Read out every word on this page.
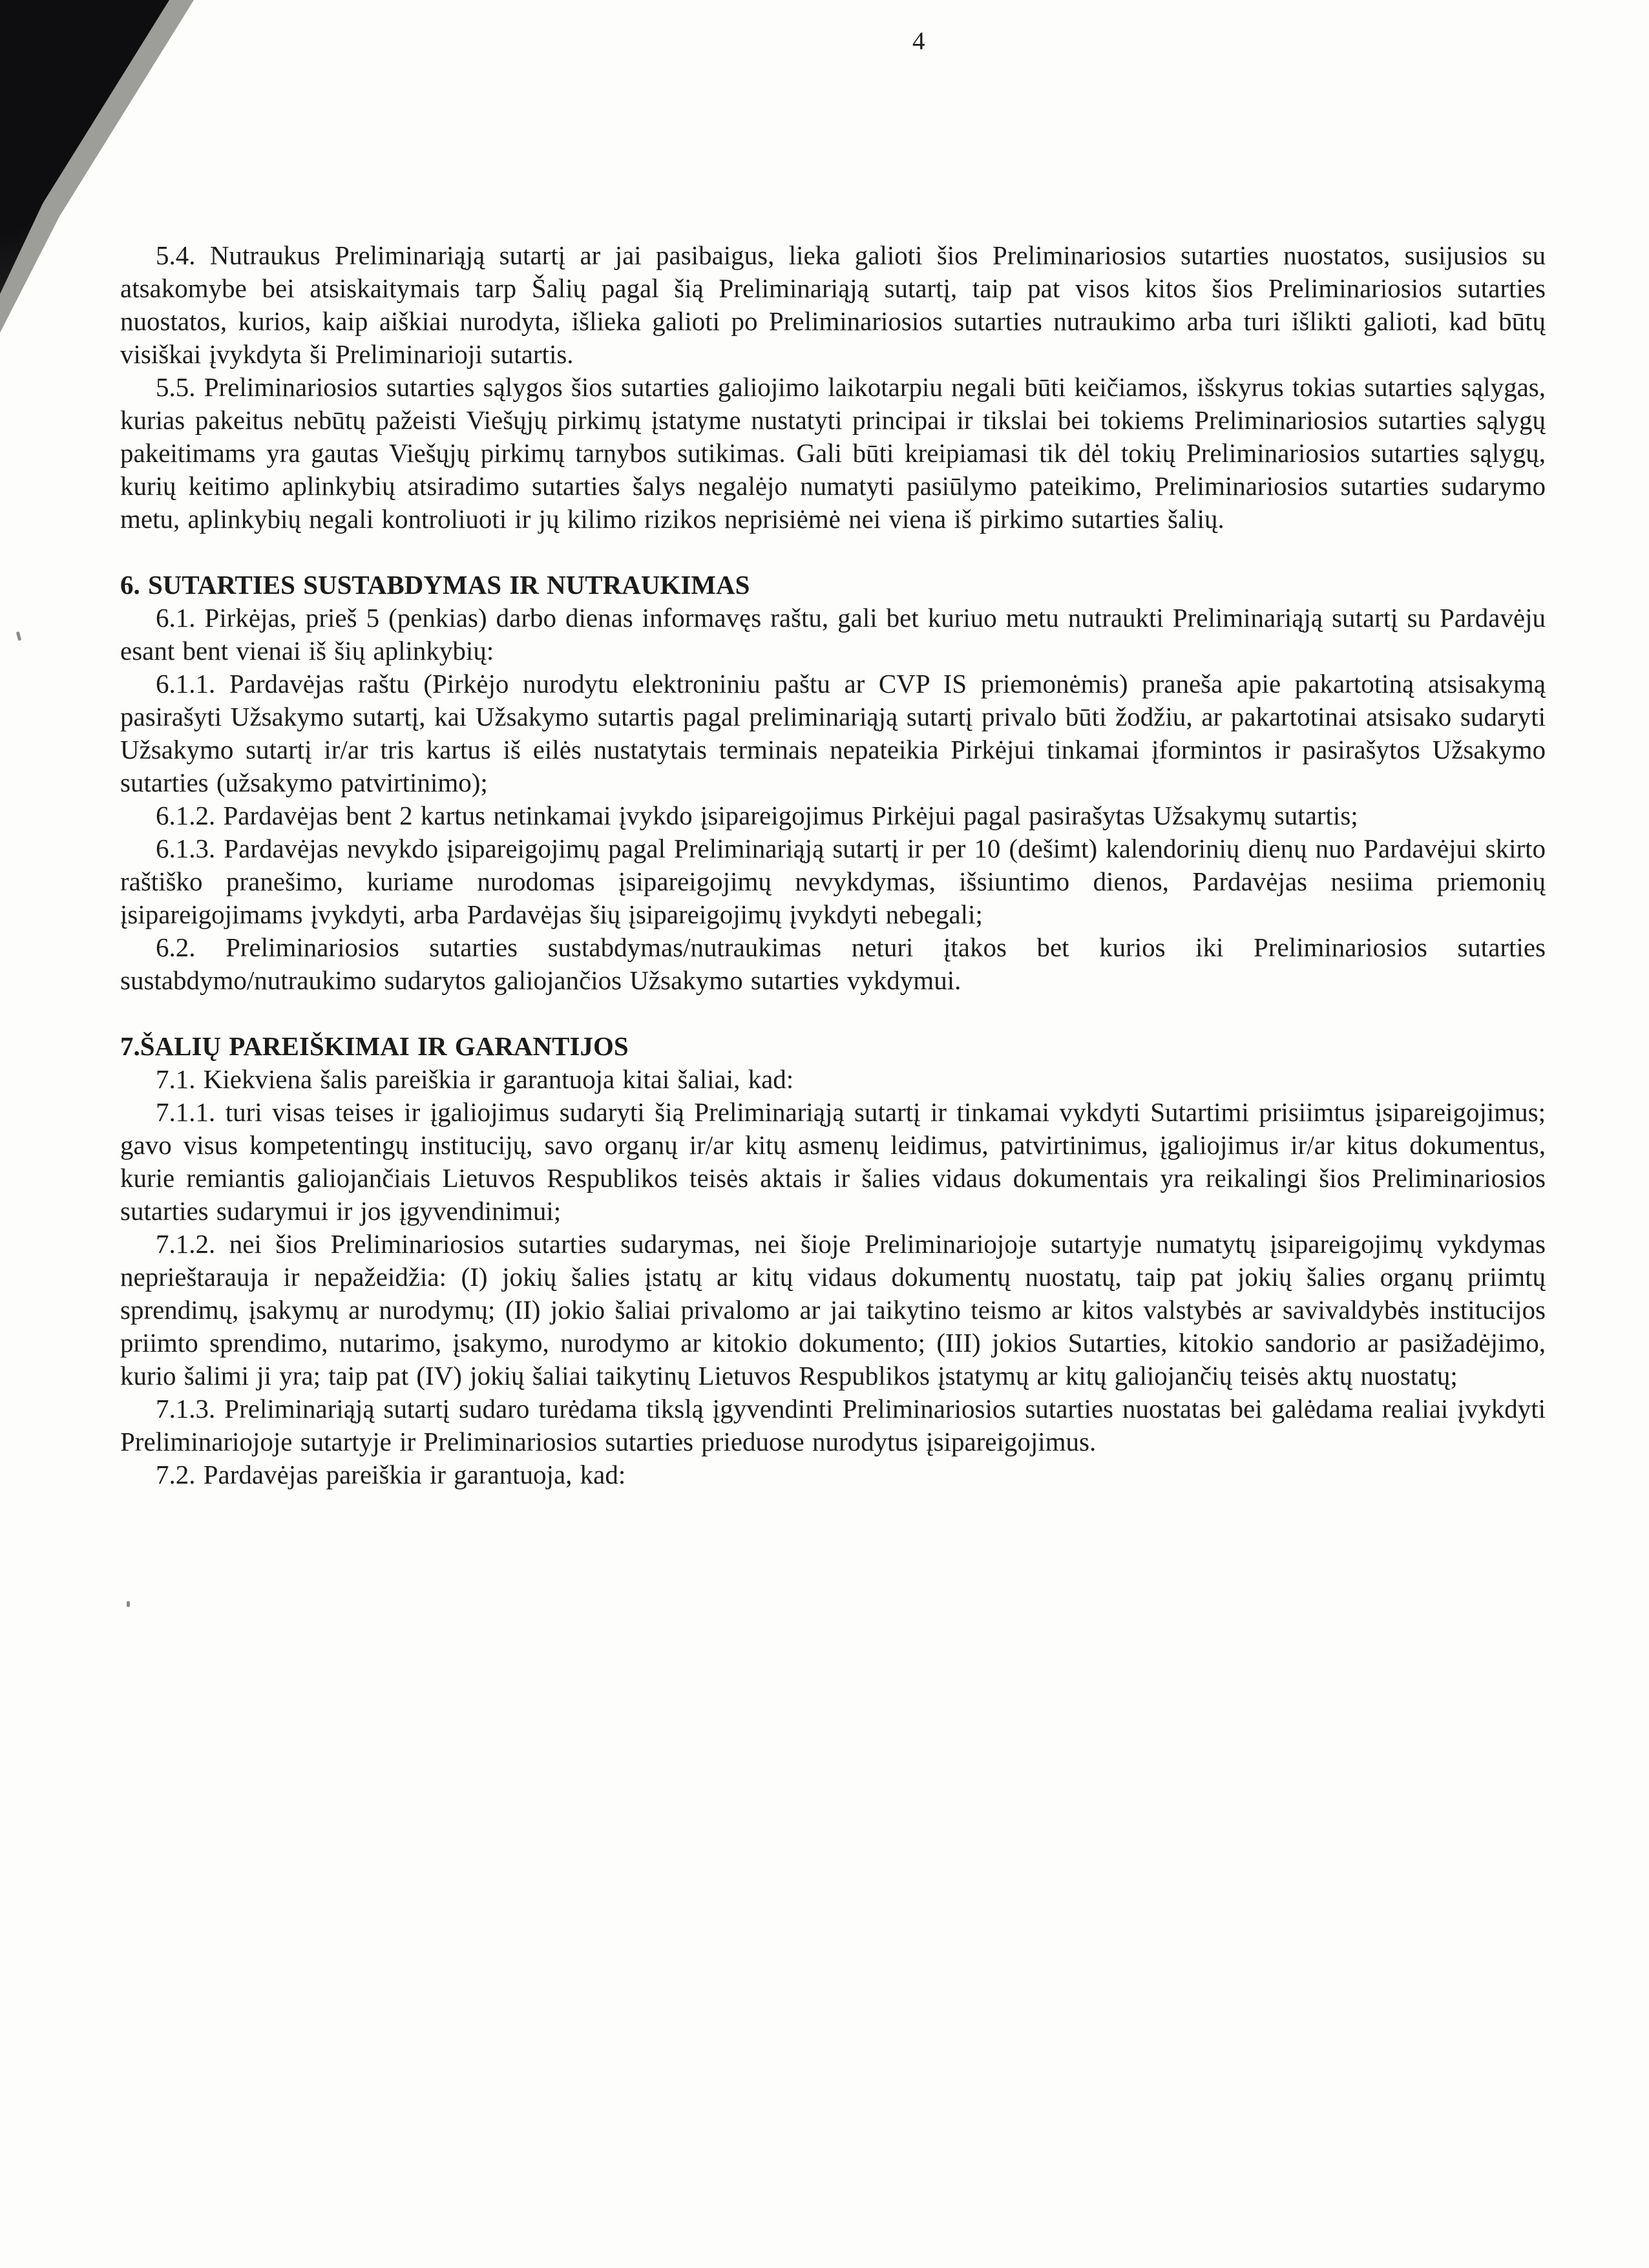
4

5.4. Nutraukus Preliminariąją sutartį ar jai pasibaigus, lieka galioti šios Preliminariosios sutarties nuostatos, susijusios su atsakomybe bei atsiskaitymais tarp Šalių pagal šią Preliminariąją sutartį, taip pat visos kitos šios Preliminariosios sutarties nuostatos, kurios, kaip aiškiai nurodyta, išlieka galioti po Preliminariosios sutarties nutraukimo arba turi išlikti galioti, kad būtų visiškai įvykdyta ši Preliminarioji sutartis.

5.5. Preliminariosios sutarties sąlygos šios sutarties galiojimo laikotarpiu negali būti keičiamos, išskyrus tokias sutarties sąlygas, kurias pakeitus nebūtų pažeisti Viešųjų pirkimų įstatyme nustatyti principai ir tikslai bei tokiems Preliminariosios sutarties sąlygų pakeitimams yra gautas Viešųjų pirkimų tarnybos sutikimas. Gali būti kreipiamasi tik dėl tokių Preliminariosios sutarties sąlygų, kurių keitimo aplinkybių atsiradimo sutarties šalys negalėjo numatyti pasiūlymo pateikimo, Preliminariosios sutarties sudarymo metu, aplinkybių negali kontroliuoti ir jų kilimo rizikos neprisiėmė nei viena iš pirkimo sutarties šalių.

6. SUTARTIES SUSTABDYMAS IR NUTRAUKIMAS

6.1. Pirkėjas, prieš 5 (penkias) darbo dienas informavęs raštu, gali bet kuriuo metu nutraukti Preliminariąją sutartį su Pardavėju esant bent vienai iš šių aplinkybių:

6.1.1. Pardavėjas raštu (Pirkėjo nurodytu elektroniniu paštu ar CVP IS priemonėmis) praneša apie pakartotiną atsisakymą pasirašyti Užsakymo sutartį, kai Užsakymo sutartis pagal preliminariąją sutartį privalo būti žodžiu, ar pakartotinai atsisako sudaryti Užsakymo sutartį ir/ar tris kartus iš eilės nustatytais terminais nepateikia Pirkėjui tinkamai įformintos ir pasirašytos Užsakymo sutarties (užsakymo patvirtinimo);

6.1.2. Pardavėjas bent 2 kartus netinkamai įvykdo įsipareigojimus Pirkėjui pagal pasirašytas Užsakymų sutartis;

6.1.3. Pardavėjas nevykdo įsipareigojimų pagal Preliminariąją sutartį ir per 10 (dešimt) kalendorinių dienų nuo Pardavėjui skirto raštiško pranešimo, kuriame nurodomas įsipareigojimų nevykdymas, išsiuntimo dienos, Pardavėjas nesiima priemonių įsipareigojimams įvykdyti, arba Pardavėjas šių įsipareigojimų įvykdyti nebegali;

6.2. Preliminariosios sutarties sustabdymas/nutraukimas neturi įtakos bet kurios iki Preliminariosios sutarties sustabdymo/nutraukimo sudarytos galiojančios Užsakymo sutarties vykdymui.

7.ŠALIŲ PAREIŠKIMAI IR GARANTIJOS

7.1. Kiekviena šalis pareiškia ir garantuoja kitai šaliai, kad:

7.1.1. turi visas teises ir įgaliojimus sudaryti šią Preliminariąją sutartį ir tinkamai vykdyti Sutartimi prisiimtus įsipareigojimus; gavo visus kompetentingų institucijų, savo organų ir/ar kitų asmenų leidimus, patvirtinimus, įgaliojimus ir/ar kitus dokumentus, kurie remiantis galiojančiais Lietuvos Respublikos teisės aktais ir šalies vidaus dokumentais yra reikalingi šios Preliminariosios sutarties sudarymui ir jos įgyvendinimui;

7.1.2. nei šios Preliminariosios sutarties sudarymas, nei šioje Preliminariojoje sutartyje numatytų įsipareigojimų vykdymas neprieštarauja ir nepažeidžia: (I) jokių šalies įstatų ar kitų vidaus dokumentų nuostatų, taip pat jokių šalies organų priimtų sprendimų, įsakymų ar nurodymų; (II) jokio šaliai privalomo ar jai taikytino teismo ar kitos valstybės ar savivaldybės institucijos priimto sprendimo, nutarimo, įsakymo, nurodymo ar kitokio dokumento; (III) jokios Sutarties, kitokio sandorio ar pasižadėjimo, kurio šalimi ji yra; taip pat (IV) jokių šaliai taikytinų Lietuvos Respublikos įstatymų ar kitų galiojančių teisės aktų nuostatų;

7.1.3. Preliminariąją sutartį sudaro turėdama tikslą įgyvendinti Preliminariosios sutarties nuostatas bei galėdama realiai įvykdyti Preliminariojoje sutartyje ir Preliminariosios sutarties prieduose nurodytus įsipareigojimus.

7.2. Pardavėjas pareiškia ir garantuoja, kad:
